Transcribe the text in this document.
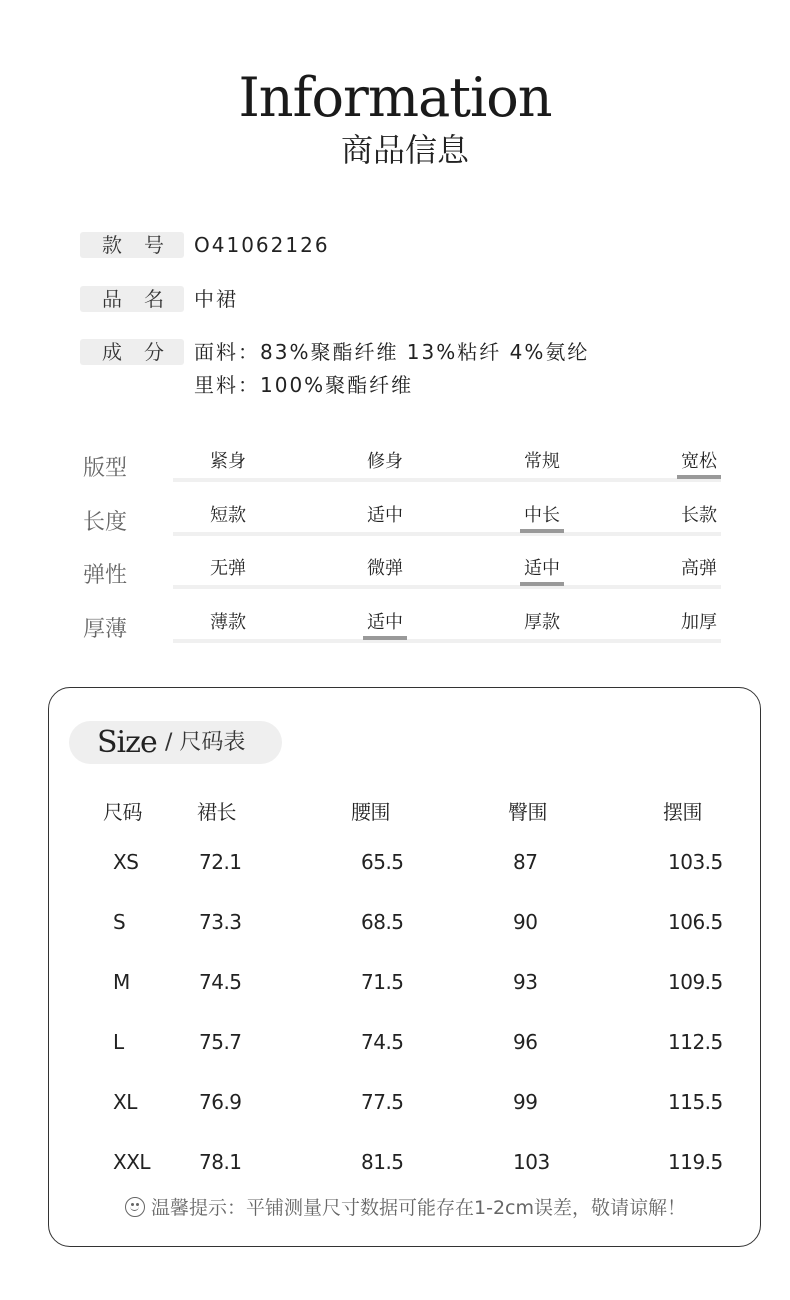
Information
商品信息
款 号 O41062126
品 名 中裙
成 分 面料：83%聚酯纤维 13%粘纤 4%氨纶
里料：100%聚酯纤维
版型	紧身	修身	常规	宽松
长度	短款	适中	中长	长款
弹性	无弹	微弹	适中	高弹
厚薄	薄款	适中	厚款	加厚
Size / 尺码表
尺码	裙长	腰围	臀围	摆围
XS	72.1	65.5	87	103.5
S	73.3	68.5	90	106.5
M	74.5	71.5	93	109.5
L	75.7	74.5	96	112.5
XL	76.9	77.5	99	115.5
XXL 78.1	81.5	103	119.5
温馨提示：平铺测量尺寸数据可能存在1-2cm误差，敬请谅解！
